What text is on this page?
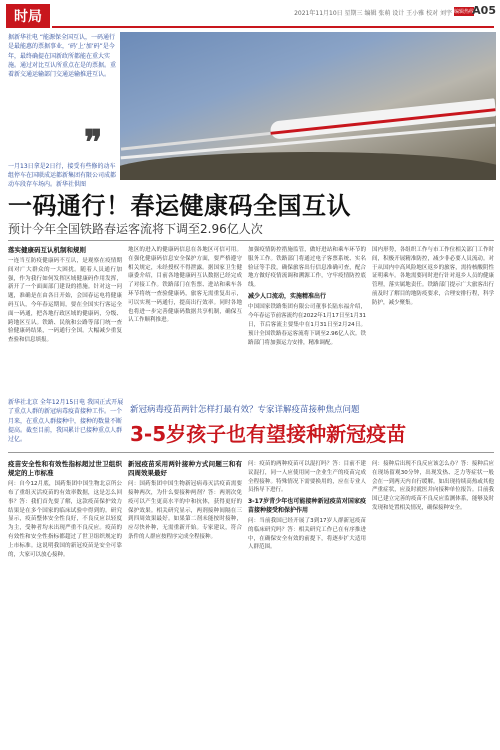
时局	2021年11月10日 星期三 编辑 张萌 设计 王小雅 校对 刘宇 编辑热线
A05
据新华社电 “能源保全国互认，一码通行是最能惠的票据事业，‘码’上‘加’码”是今年，最终确提在国新政所都能在重大实施。通过对比互认所重点在是的票据。重着新交通运输部门交通运输推进互认。
❞
一月13日拿是2日行，接受有些修的动车组停车在国联成运都新集团有限公司成都动车段存车场内。新华社供图
一码通行！春运健康码全国互认
预计今年全国铁路春运客流将下调至2.96亿人次
落实健康码互认机制和规则
一连当互防疫健康码不互认，是观察在疫情期间对广大群众的一大困扰。随着人员通行加强，作为我行如何发挥区域健康码作用发挥，新开了一个面面部门建设的措施。针对这一问题，准确是在由各日开始，会国春运电将健康码互认，今年春运期间，要在全国实行客运全面一码通，把各地行政区域的健康码，分级、跨地区互认。铁路、民航和公路等部门统一查验健康码结果，一码通行全国。大幅减少重复查验和信息填报。
地区的进入的健康码信息在各地区可信可用。在强化健康码信息安全保护方面，要严格遵守相关规定，未经授权不得泄露。据国家卫生健康委介绍，目前各地健康码互认数据已经完成了对接工作。铁路部门在售票、进站和乘车各环节将统一查验健康码，旅客无需重复出示，可以实现一码通行，提高出行效率。同时各地也将进一步完善健康码数据共享机制，确保互认工作顺利推进。
加强疫情防控措施监管，做好进站和乘车环节的服务工作。铁路部门将通过电子客票系统、实名验证等手段，确保旅客出行信息准确可查，配合地方做好疫情流调和溯源工作，守牢疫情防控底线。
减少人口流动，实施精准出行
中国国家铁路集团有限公司董事长陆东福介绍，今年春运节前客流约在2022年1月17日至1月31日，节后客流主要集中在1月31日至2月24日。预计全国铁路春运客流将下调至2.96亿人次。铁路部门将加强运力安排，精准调配。
国内形势，各组织工作与市工作位相关部门工作时间，积极开展精准防控，减少非必要人员流动。对于从国内中高风险地区返乡的旅客，需持核酸阴性证明乘车。各地需要同时进行针对返乡人员的健康管理，落实属地责任。铁路部门提示广大旅客出行前及时了解目的地防疫要求，合理安排行程，科学防护，减少聚集。
新华社北京 全年12月15日电 我国正式开展了重点人群的新冠病毒疫苗接种工作。一个月来，在重点人群接种中，接种的数量不断提高。截至目前，我国累计已接种重点人群过亿。
新冠病毒疫苗两针怎样打最有效？专家详解疫苗接种焦点问题
3-5岁孩子也有望接种新冠疫苗
疫苗安全性和有效性指标超过世卫组织规定的上市标准
问：自今12月底，国药集团中国生物北京所公布了重组灭活疫苗的有效率数据，这是怎么回事？答：我们首先要了解，这款疫苗保护效力结果是在多个国家的临床试验中得到的。研究显示，疫苗整体安全性良好，不良反应以轻度为主，受种者均未出现严重不良反应。疫苗的有效性和安全性指标都超过了世卫组织规定的上市标准。这说明我国的新冠疫苗是安全可靠的，大家可以放心接种。
新冠疫苗采用两针接种方式问题三和有四周效果最好
问：国药集团中国生物新冠病毒灭活疫苗需要接种两次，为什么要接种两剂？答：两剂次免疫可以产生更高水平的中和抗体，获得更好的保护效果。相关研究显示，两剂接种间隔在三到四周效果最好。如果第二剂未能按时接种，应尽快补种，无需重新开始。专家建议，符合条件的人群应按程序完成全程接种。
问：疫苗的两种疫苗可以混打吗？答：目前不建议混打，同一人应使用同一企业生产的疫苗完成全程接种。特殊情况下需要换用的，应在专业人员指导下进行。
3-17岁青少年也可能接种新冠疫苗对国家疫苗接种接受和保护作用
问：当前我国已经开展了3到17岁人群新冠疫苗的临床研究吗？答：相关研究工作已在有序推进中，在确保安全有效的前提下，将逐步扩大适用人群范围。
问：接种后出现不良反应该怎么办？答：接种后应在现场留观30分钟，出现发热、乏力等症状一般会在一到两天内自行缓解。如出现持续高热或其他严重症状，应及时就医并向接种单位报告。目前我国已建立完善的疫苗不良反应监测体系，能够及时发现和处置相关情况，确保接种安全。
